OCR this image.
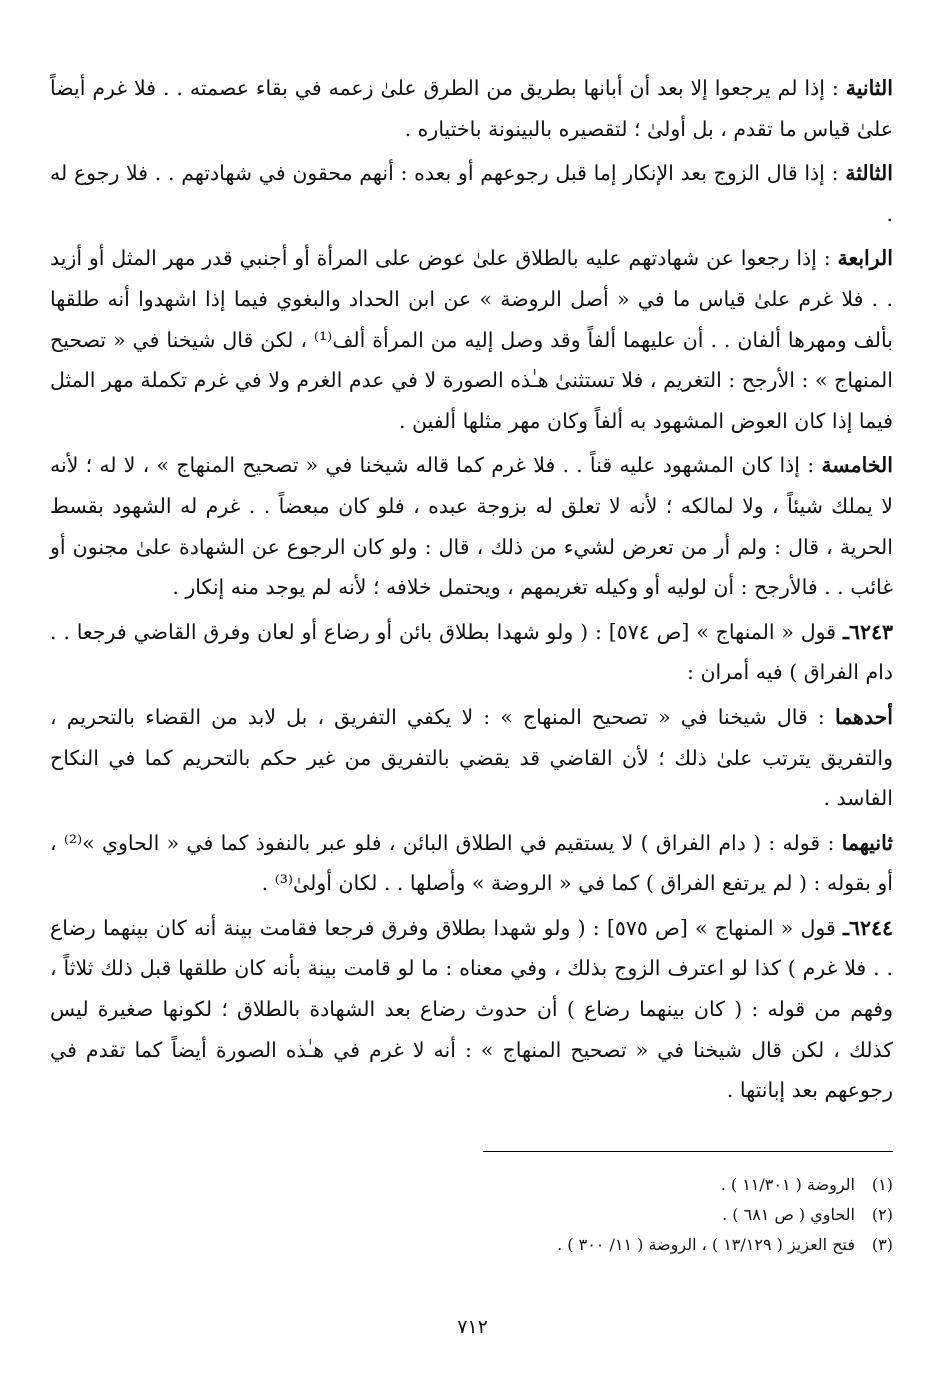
الثانية : إذا لم يرجعوا إلا بعد أن أبانها بطريق من الطرق علىٰ زعمه في بقاء عصمته . . فلا غرم أيضاً علىٰ قياس ما تقدم ، بل أولىٰ ؛ لتقصيره بالبينونة باختياره .

الثالثة : إذا قال الزوج بعد الإنكار إما قبل رجوعهم أو بعده : أنهم محقون في شهادتهم . . فلا رجوع له .

الرابعة : إذا رجعوا عن شهادتهم عليه بالطلاق علىٰ عوض على المرأة أو أجنبي قدر مهر المثل أو أزيد . . فلا غرم علىٰ قياس ما في « أصل الروضة » عن ابن الحداد والبغوي فيما إذا اشهدوا أنه طلقها بألف ومهرها ألفان . . أن عليهما ألفاً وقد وصل إليه من المرأة ألف⁽¹⁾ ، لكن قال شيخنا في « تصحيح المنهاج » : الأرجح : التغريم ، فلا تستثنىٰ هـٰذه الصورة لا في عدم الغرم ولا في غرم تكملة مهر المثل فيما إذا كان العوض المشهود به ألفاً وكان مهر مثلها ألفين .

الخامسة : إذا كان المشهود عليه قناً . . فلا غرم كما قاله شيخنا في « تصحيح المنهاج » ، لا له ؛ لأنه لا يملك شيئاً ، ولا لمالكه ؛ لأنه لا تعلق له بزوجة عبده ، فلو كان مبعضاً . . غرم له الشهود بقسط الحرية ، قال : ولم أر من تعرض لشيء من ذلك ، قال : ولو كان الرجوع عن الشهادة علىٰ مجنون أو غائب . . فالأرجح : أن لوليه أو وكيله تغريمهم ، ويحتمل خلافه ؛ لأنه لم يوجد منه إنكار .

٦٢٤٣ـ قول « المنهاج » [ص ٥٧٤] : ( ولو شهدا بطلاق بائن أو رضاع أو لعان وفرق القاضي فرجعا . . دام الفراق ) فيه أمران :

أحدهما : قال شيخنا في « تصحيح المنهاج » : لا يكفي التفريق ، بل لابد من القضاء بالتحريم ، والتفريق يترتب علىٰ ذلك ؛ لأن القاضي قد يقضي بالتفريق من غير حكم بالتحريم كما في النكاح الفاسد .

ثانيهما : قوله : ( دام الفراق ) لا يستقيم في الطلاق البائن ، فلو عبر بالنفوذ كما في « الحاوي »⁽²⁾ ، أو بقوله : ( لم يرتفع الفراق ) كما في « الروضة » وأصلها . . لكان أولىٰ⁽³⁾ .

٦٢٤٤ـ قول « المنهاج » [ص ٥٧٥] : ( ولو شهدا بطلاق وفرق فرجعا فقامت بينة أنه كان بينهما رضاع . . فلا غرم ) كذا لو اعترف الزوج بذلك ، وفي معناه : ما لو قامت بينة بأنه كان طلقها قبل ذلك ثلاثاً ، وفهم من قوله : ( كان بينهما رضاع ) أن حدوث رضاع بعد الشهادة بالطلاق ؛ لكونها صغيرة ليس كذلك ، لكن قال شيخنا في « تصحيح المنهاج » : أنه لا غرم في هـٰذه الصورة أيضاً كما تقدم في رجوعهم بعد إبانتها .

(١)الروضة ( ١١/٣٠١ ) .
(٢)الحاوي ( ص ٦٨١ ) .
(٣)فتح العزيز ( ١٣/١٢٩ ) ، الروضة ( ١١/ ٣٠٠ ) .
٧١٢
